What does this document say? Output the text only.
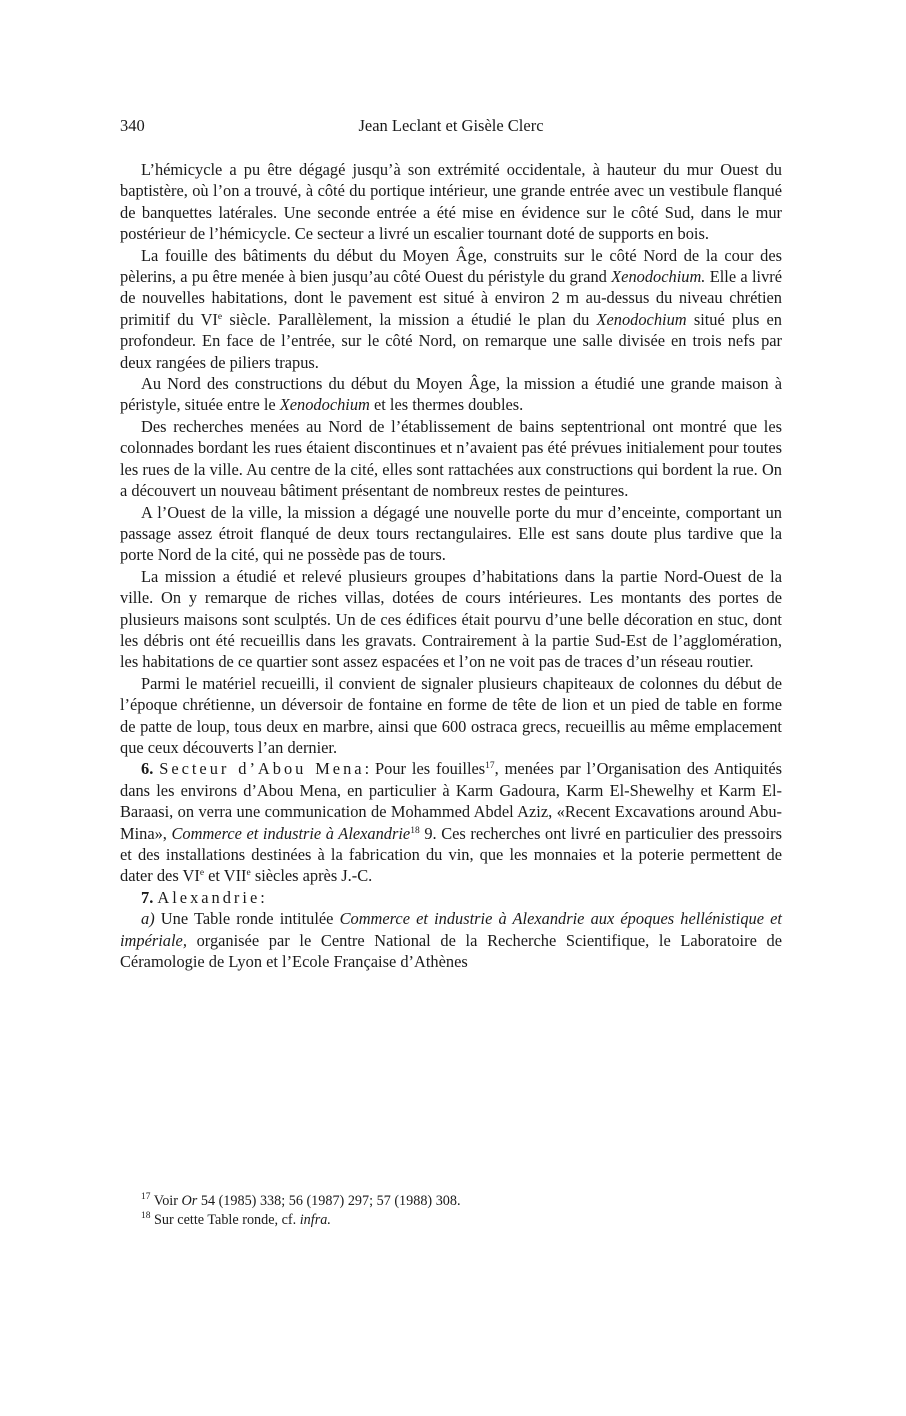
340	Jean Leclant et Gisèle Clerc

L’hémicycle a pu être dégagé jusqu’à son extrémité occidentale, à hauteur du mur Ouest du baptistère, où l’on a trouvé, à côté du portique intérieur, une grande entrée avec un vestibule flanqué de banquettes latérales. Une seconde entrée a été mise en évidence sur le côté Sud, dans le mur postérieur de l’hémicycle. Ce secteur a livré un escalier tournant doté de supports en bois.

La fouille des bâtiments du début du Moyen Âge, construits sur le côté Nord de la cour des pèlerins, a pu être menée à bien jusqu’au côté Ouest du péristyle du grand Xenodochium. Elle a livré de nouvelles habitations, dont le pavement est situé à environ 2 m au-dessus du niveau chrétien primitif du VIe siècle. Parallèlement, la mission a étudié le plan du Xenodochium situé plus en profondeur. En face de l’entrée, sur le côté Nord, on remarque une salle divisée en trois nefs par deux rangées de piliers trapus.

Au Nord des constructions du début du Moyen Âge, la mission a étudié une grande maison à péristyle, située entre le Xenodochium et les thermes doubles.

Des recherches menées au Nord de l’établissement de bains septentrional ont montré que les colonnades bordant les rues étaient discontinues et n’avaient pas été prévues initialement pour toutes les rues de la ville. Au centre de la cité, elles sont rattachées aux constructions qui bordent la rue. On a découvert un nouveau bâtiment présentant de nombreux restes de peintures.

A l’Ouest de la ville, la mission a dégagé une nouvelle porte du mur d’enceinte, comportant un passage assez étroit flanqué de deux tours rectangulaires. Elle est sans doute plus tardive que la porte Nord de la cité, qui ne possède pas de tours.

La mission a étudié et relevé plusieurs groupes d’habitations dans la partie Nord-Ouest de la ville. On y remarque de riches villas, dotées de cours intérieures. Les montants des portes de plusieurs maisons sont sculptés. Un de ces édifices était pourvu d’une belle décoration en stuc, dont les débris ont été recueillis dans les gravats. Contrairement à la partie Sud-Est de l’agglomération, les habitations de ce quartier sont assez espacées et l’on ne voit pas de traces d’un réseau routier.

Parmi le matériel recueilli, il convient de signaler plusieurs chapiteaux de colonnes du début de l’époque chrétienne, un déversoir de fontaine en forme de tête de lion et un pied de table en forme de patte de loup, tous deux en marbre, ainsi que 600 ostraca grecs, recueillis au même emplacement que ceux découverts l’an dernier.

6. Secteur d’Abou Mena: Pour les fouilles$^{17}$, menées par l’Organisation des Antiquités dans les environs d’Abou Mena, en particulier à Karm Gadoura, Karm El-Shewelhy et Karm El-Baraasi, on verra une communication de Mohammed Abdel Aziz, «Recent Excavations around Abu-Mina», Commerce et industrie à Alexandrie$^{18}$ 9. Ces recherches ont livré en particulier des pressoirs et des installations destinées à la fabrication du vin, que les monnaies et la poterie permettent de dater des VIe et VIIe siècles après J.-C.

7. Alexandrie:

a) Une Table ronde intitulée Commerce et industrie à Alexandrie aux époques hellénistique et impériale, organisée par le Centre National de la Recherche Scientifique, le Laboratoire de Céramologie de Lyon et l’Ecole Française d’Athènes

$^{17}$ Voir Or 54 (1985) 338; 56 (1987) 297; 57 (1988) 308.

$^{18}$ Sur cette Table ronde, cf. infra.
